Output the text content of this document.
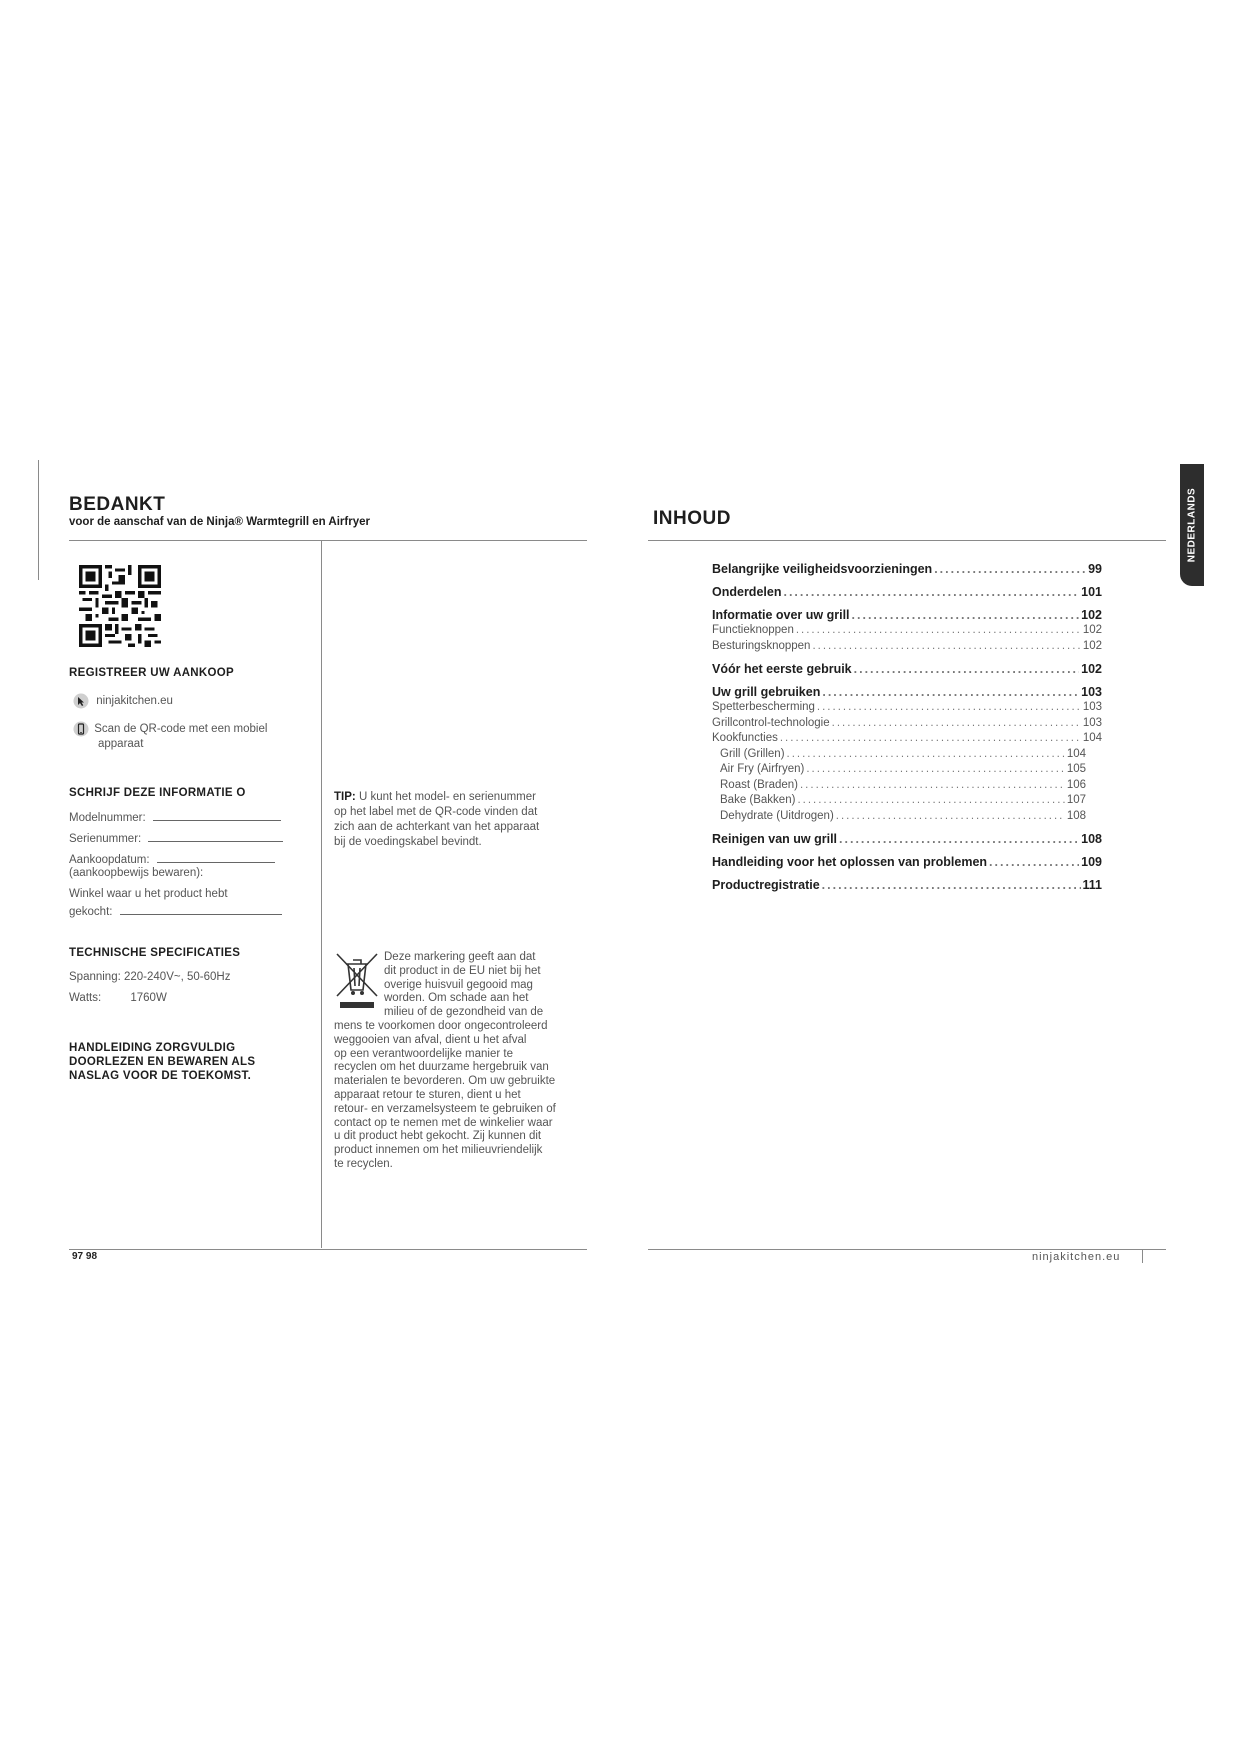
BEDANKT
voor de aanschaf van de Ninja® Warmtegrill en Airfryer
REGISTREER UW AANKOOP
ninjakitchen.eu
Scan de QR-code met een mobiel
apparaat
SCHRIJF DEZE INFORMATIE O
Modelnummer:
Serienummer:
Aankoopdatum:
(aankoopbewijs bewaren):
Winkel waar u het product hebt
gekocht:
TECHNISCHE SPECIFICATIES
Spanning: 220-240V~, 50-60Hz
Watts:	1760W
HANDLEIDING ZORGVULDIG
DOORLEZEN EN BEWAREN ALS
NASLAG VOOR DE TOEKOMST.
TIP: U kunt het model- en serienummer
op het label met de QR-code vinden dat
zich aan de achterkant van het apparaat
bij de voedingskabel bevindt.
Deze markering geeft aan dat
dit product in de EU niet bij het
overige huisvuil gegooid mag
worden. Om schade aan het
milieu of de gezondheid van de
mens te voorkomen door ongecontroleerd
weggooien van afval, dient u het afval
op een verantwoordelijke manier te
recyclen om het duurzame hergebruik van
materialen te bevorderen. Om uw gebruikte
apparaat retour te sturen, dient u het
retour- en verzamelsysteem te gebruiken of
contact op te nemen met de winkelier waar
u dit product hebt gekocht. Zij kunnen dit
product innemen om het milieuvriendelijk
te recyclen.
97 98
INHOUD	NEDERLANDS
Belangrijke veiligheidsvoorzieningen .....	99
Onderdelen .....	101
Informatie over uw grill .....	102
Functieknoppen .....	102
Besturingsknoppen .....	102
Vóór het eerste gebruik .....	102
Uw grill gebruiken .....	103
Spetterbescherming .....	103
Grillcontrol-technologie .....	103
Kookfuncties .....	104
Grill (Grillen) .....	104
Air Fry (Airfryen) .....	105
Roast (Braden) .....	106
Bake (Bakken) .....	107
Dehydrate (Uitdrogen) .....	108
Reinigen van uw grill .....	108
Handleiding voor het oplossen van problemen .....	109
Productregistratie .....	111
ninjakitchen.eu
